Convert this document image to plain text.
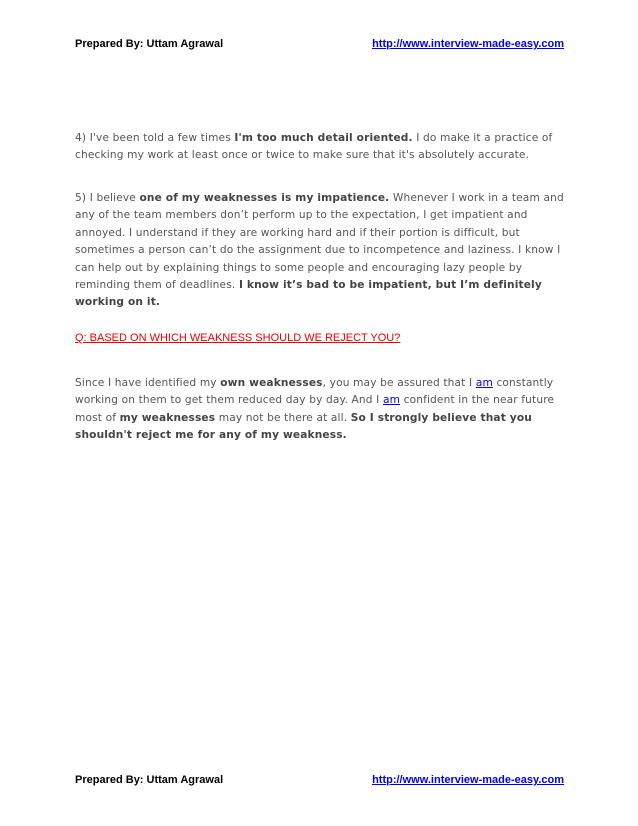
Prepared By: Uttam Agrawal	http://www.interview-made-easy.com

4) I've been told a few times I'm too much detail oriented. I do make it a practice of checking my work at least once or twice to make sure that it's absolutely accurate.

5) I believe one of my weaknesses is my impatience. Whenever I work in a team and any of the team members don’t perform up to the expectation, I get impatient and annoyed. I understand if they are working hard and if their portion is difficult, but sometimes a person can’t do the assignment due to incompetence and laziness. I know I can help out by explaining things to some people and encouraging lazy people by reminding them of deadlines. I know it’s bad to be impatient, but I’m definitely working on it.

Q: BASED ON WHICH WEAKNESS SHOULD WE REJECT YOU?

Since I have identified my own weaknesses, you may be assured that I am constantly working on them to get them reduced day by day. And I am confident in the near future most of my weaknesses may not be there at all. So I strongly believe that you shouldn't reject me for any of my weakness.

Prepared By: Uttam Agrawal	http://www.interview-made-easy.com
